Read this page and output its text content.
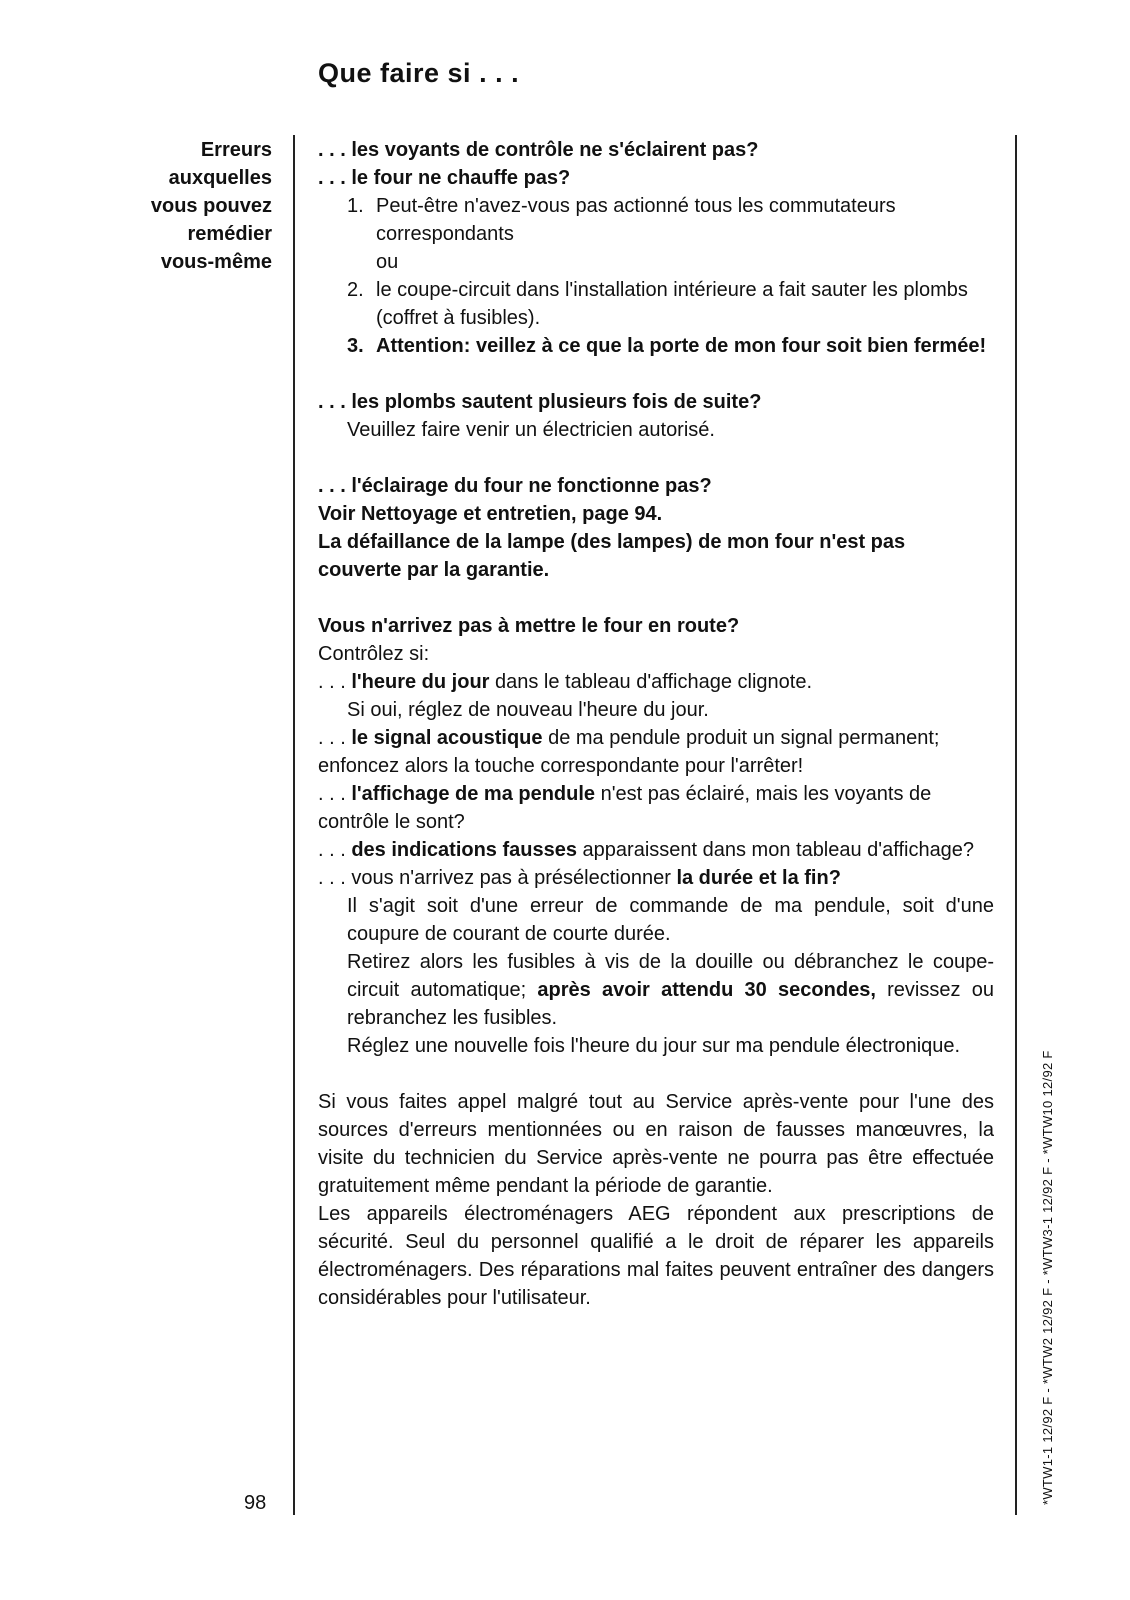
Que faire si . . .
Erreurs
auxquelles
vous pouvez
remédier
vous-même

. . . les voyants de contrôle ne s'éclairent pas?

. . . le four ne chauffe pas?

1. Peut-être n'avez-vous pas actionné tous les commutateurs correspondants

ou

2. le coupe-circuit dans l'installation intérieure a fait sauter les plombs (coffret à fusibles).
3. Attention: veillez à ce que la porte de mon four soit bien fermée!

. . . les plombs sautent plusieurs fois de suite?

Veuillez faire venir un électricien autorisé.

. . . l'éclairage du four ne fonctionne pas?

Voir Nettoyage et entretien, page 94.

La défaillance de la lampe (des lampes) de mon four n'est pas couverte par la garantie.

Vous n'arrivez pas à mettre le four en route?

Contrôlez si:

. . . l'heure du jour dans le tableau d'affichage clignote.

Si oui, réglez de nouveau l'heure du jour.

. . . le signal acoustique de ma pendule produit un signal permanent; enfoncez alors la touche correspondante pour l'arrêter!

. . . l'affichage de ma pendule n'est pas éclairé, mais les voyants de contrôle le sont?

. . . des indications fausses apparaissent dans mon tableau d'affichage?

. . . vous n'arrivez pas à présélectionner la durée et la fin?

Il s'agit soit d'une erreur de commande de ma pendule, soit d'une coupure de courant de courte durée.

Retirez alors les fusibles à vis de la douille ou débranchez le coupe-circuit automatique; après avoir attendu 30 secondes, revissez ou rebranchez les fusibles.

Réglez une nouvelle fois l'heure du jour sur ma pendule électronique.

Si vous faites appel malgré tout au Service après-vente pour l'une des sources d'erreurs mentionnées ou en raison de fausses manœuvres, la visite du technicien du Service après-vente ne pourra pas être effectuée gratuitement même pendant la période de garantie.

Les appareils électroménagers AEG répondent aux prescriptions de sécurité. Seul du personnel qualifié a le droit de réparer les appareils électroménagers. Des réparations mal faites peuvent entraîner des dangers considérables pour l'utilisateur.

98	*WTW1-1 12/92 F - *WTW2 12/92 F - *WTW3-1 12/92 F - *WTW10 12/92 F
